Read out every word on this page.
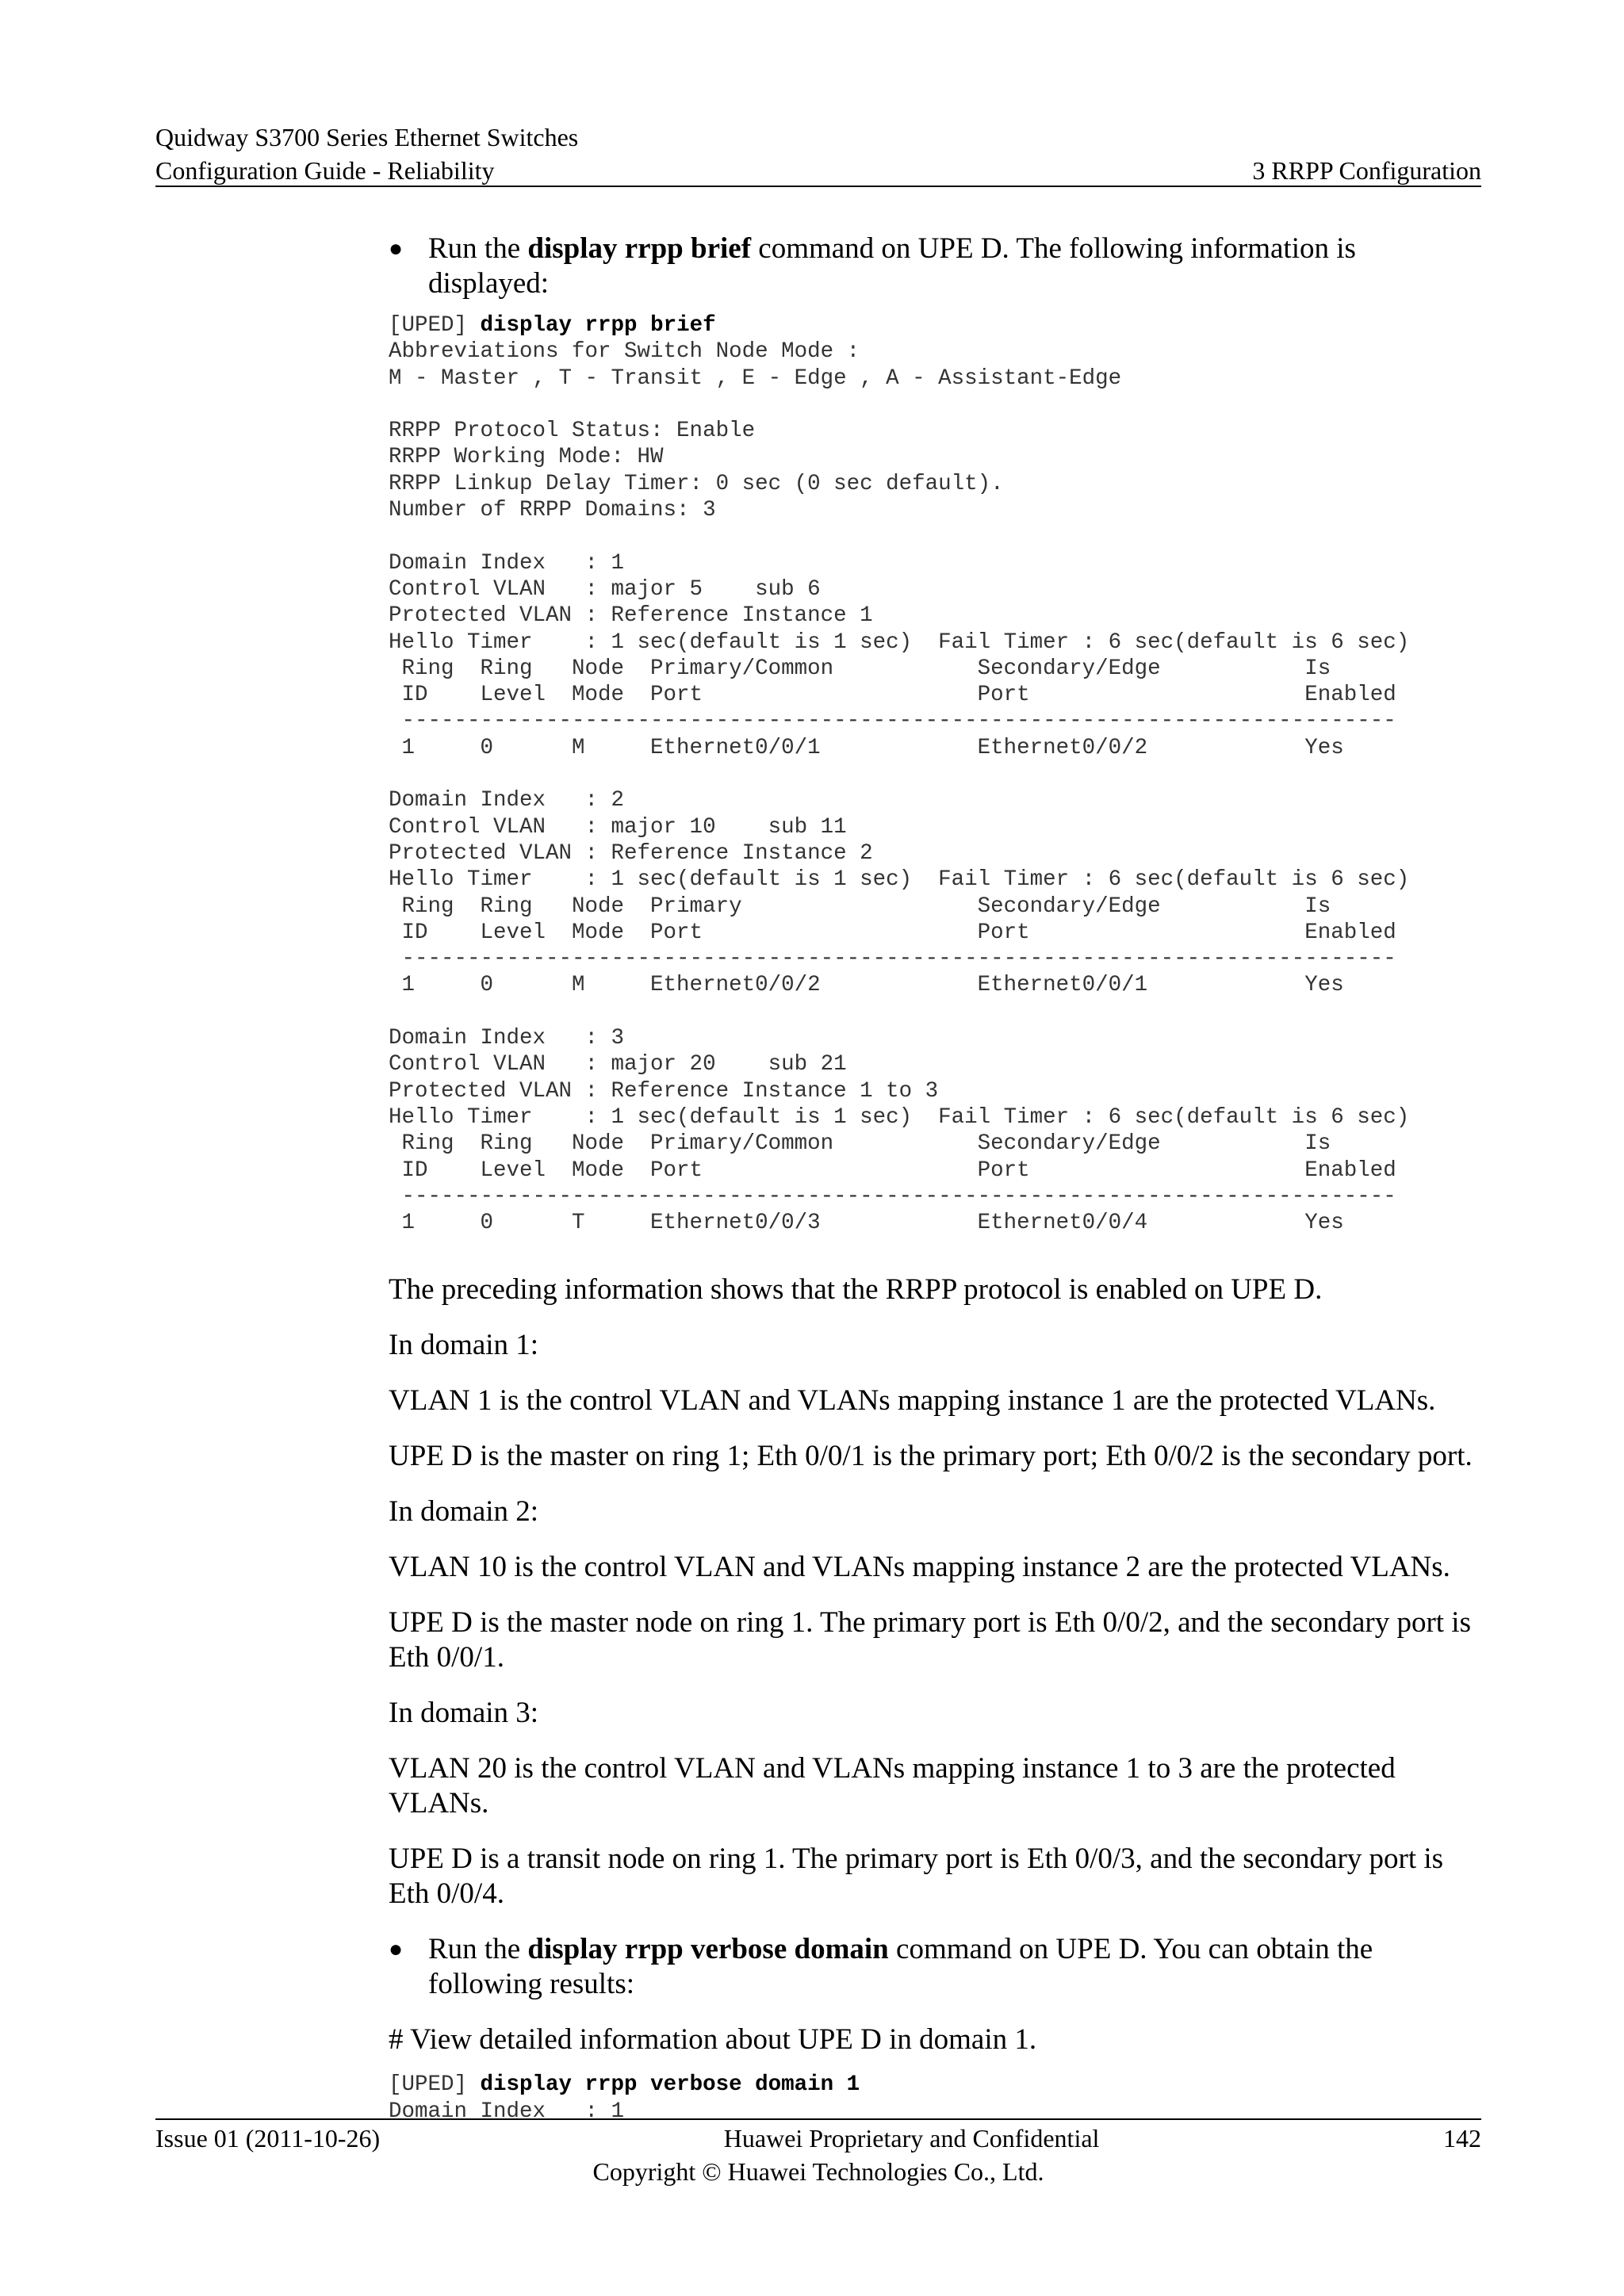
Quidway S3700 Series Ethernet Switches
Configuration Guide - Reliability	3 RRPP Configuration

● Run the display rrpp brief command on UPE D. The following information is displayed:

[UPED] display rrpp brief
Abbreviations for Switch Node Mode :
M - Master , T - Transit , E - Edge , A - Assistant-Edge

RRPP Protocol Status: Enable
RRPP Working Mode: HW
RRPP Linkup Delay Timer: 0 sec (0 sec default).
Number of RRPP Domains: 3

Domain Index   : 1
Control VLAN   : major 5    sub 6
Protected VLAN : Reference Instance 1
Hello Timer    : 1 sec(default is 1 sec)  Fail Timer : 6 sec(default is 6 sec)
Ring  Ring   Node  Primary/Common           Secondary/Edge           Is
ID    Level  Mode  Port                     Port                     Enabled
----------------------------------------------------------------------------
1     0      M     Ethernet0/0/1            Ethernet0/0/2            Yes

Domain Index   : 2
Control VLAN   : major 10    sub 11
Protected VLAN : Reference Instance 2
Hello Timer    : 1 sec(default is 1 sec)  Fail Timer : 6 sec(default is 6 sec)
Ring  Ring   Node  Primary                  Secondary/Edge           Is
ID    Level  Mode  Port                     Port                     Enabled
----------------------------------------------------------------------------
1     0      M     Ethernet0/0/2            Ethernet0/0/1            Yes

Domain Index   : 3
Control VLAN   : major 20    sub 21
Protected VLAN : Reference Instance 1 to 3
Hello Timer    : 1 sec(default is 1 sec)  Fail Timer : 6 sec(default is 6 sec)
Ring  Ring   Node  Primary/Common           Secondary/Edge           Is
ID    Level  Mode  Port                     Port                     Enabled
----------------------------------------------------------------------------
1     0      T     Ethernet0/0/3            Ethernet0/0/4            Yes

The preceding information shows that the RRPP protocol is enabled on UPE D.

In domain 1:

VLAN 1 is the control VLAN and VLANs mapping instance 1 are the protected VLANs.

UPE D is the master on ring 1; Eth 0/0/1 is the primary port; Eth 0/0/2 is the secondary port.

In domain 2:

VLAN 10 is the control VLAN and VLANs mapping instance 2 are the protected VLANs.

UPE D is the master node on ring 1. The primary port is Eth 0/0/2, and the secondary port is Eth 0/0/1.

In domain 3:

VLAN 20 is the control VLAN and VLANs mapping instance 1 to 3 are the protected VLANs.

UPE D is a transit node on ring 1. The primary port is Eth 0/0/3, and the secondary port is Eth 0/0/4.

● Run the display rrpp verbose domain command on UPE D. You can obtain the following results:

# View detailed information about UPE D in domain 1.

[UPED] display rrpp verbose domain 1
Domain Index   : 1
Issue 01 (2011-10-26)	Huawei Proprietary and Confidential	142
Copyright © Huawei Technologies Co., Ltd.
